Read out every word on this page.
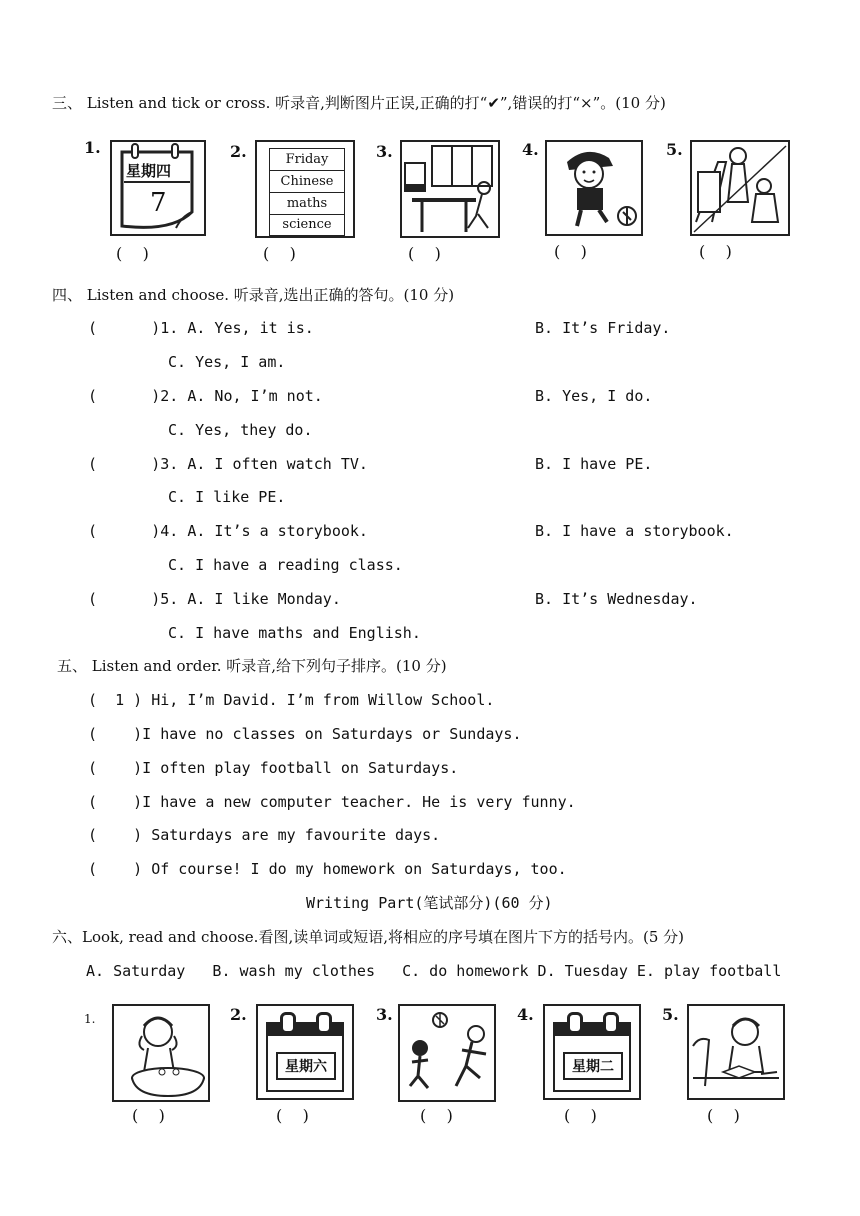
三、 Listen and tick or cross. 听录音,判断图片正误,正确的打“✔”,错误的打“×”。(10 分)
1.	2.	3.	4.	5.
星期四
7
Friday
Chinese
maths
science
(    )	(    )	(    )	(    )	(    )
四、 Listen and choose. 听录音,选出正确的答句。(10 分)
(      )1. A. Yes, it is.	B. It’s Friday.
C. Yes, I am.
(      )2. A. No, I’m not.	B. Yes, I do.
C. Yes, they do.
(      )3. A. I often watch TV.	B. I have PE.
C. I like PE.
(      )4. A. It’s a storybook.	B. I have a storybook.
C. I have a reading class.
(      )5. A. I like Monday.	B. It’s Wednesday.
C. I have maths and English.
五、 Listen and order. 听录音,给下列句子排序。(10 分)
(  1 ) Hi, I’m David. I’m from Willow School.
(    )I have no classes on Saturdays or Sundays.
(    )I often play football on Saturdays.
(    )I have a new computer teacher. He is very funny.
(    ) Saturdays are my favourite days.
(    ) Of course! I do my homework on Saturdays, too.
Writing Part(笔试部分)(60 分)
六、Look, read and choose.看图,读单词或短语,将相应的序号填在图片下方的括号内。(5 分)
A. Saturday   B. wash my clothes   C. do homework D. Tuesday E. play football
1.	2.	3.	4.	5.
星期六	星期二
(    )	(    )	(    )	(    )	(    )
